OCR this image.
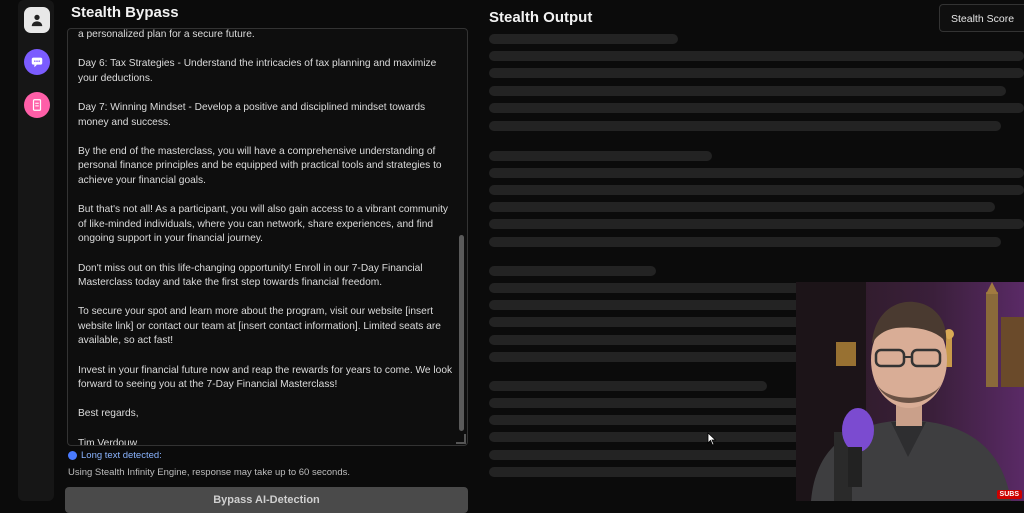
Stealth Bypass

a personalized plan for a secure future.

Day 6: Tax Strategies - Understand the intricacies of tax planning and maximize your deductions.

Day 7: Winning Mindset - Develop a positive and disciplined mindset towards money and success.

By the end of the masterclass, you will have a comprehensive understanding of personal finance principles and be equipped with practical tools and strategies to achieve your financial goals.

But that's not all! As a participant, you will also gain access to a vibrant community of like-minded individuals, where you can network, share experiences, and find ongoing support in your financial journey.

Don't miss out on this life-changing opportunity! Enroll in our 7-Day Financial Masterclass today and take the first step towards financial freedom.

To secure your spot and learn more about the program, visit our website [insert website link] or contact our team at [insert contact information]. Limited seats are available, so act fast!

Invest in your financial future now and reap the rewards for years to come. We look forward to seeing you at the 7-Day Financial Masterclass!

Best regards,

Tim Verdouw

Long text detected:
Using Stealth Infinity Engine, response may take up to 60 seconds.
Bypass AI-Detection
Stealth Output	Stealth Score
SUBS
